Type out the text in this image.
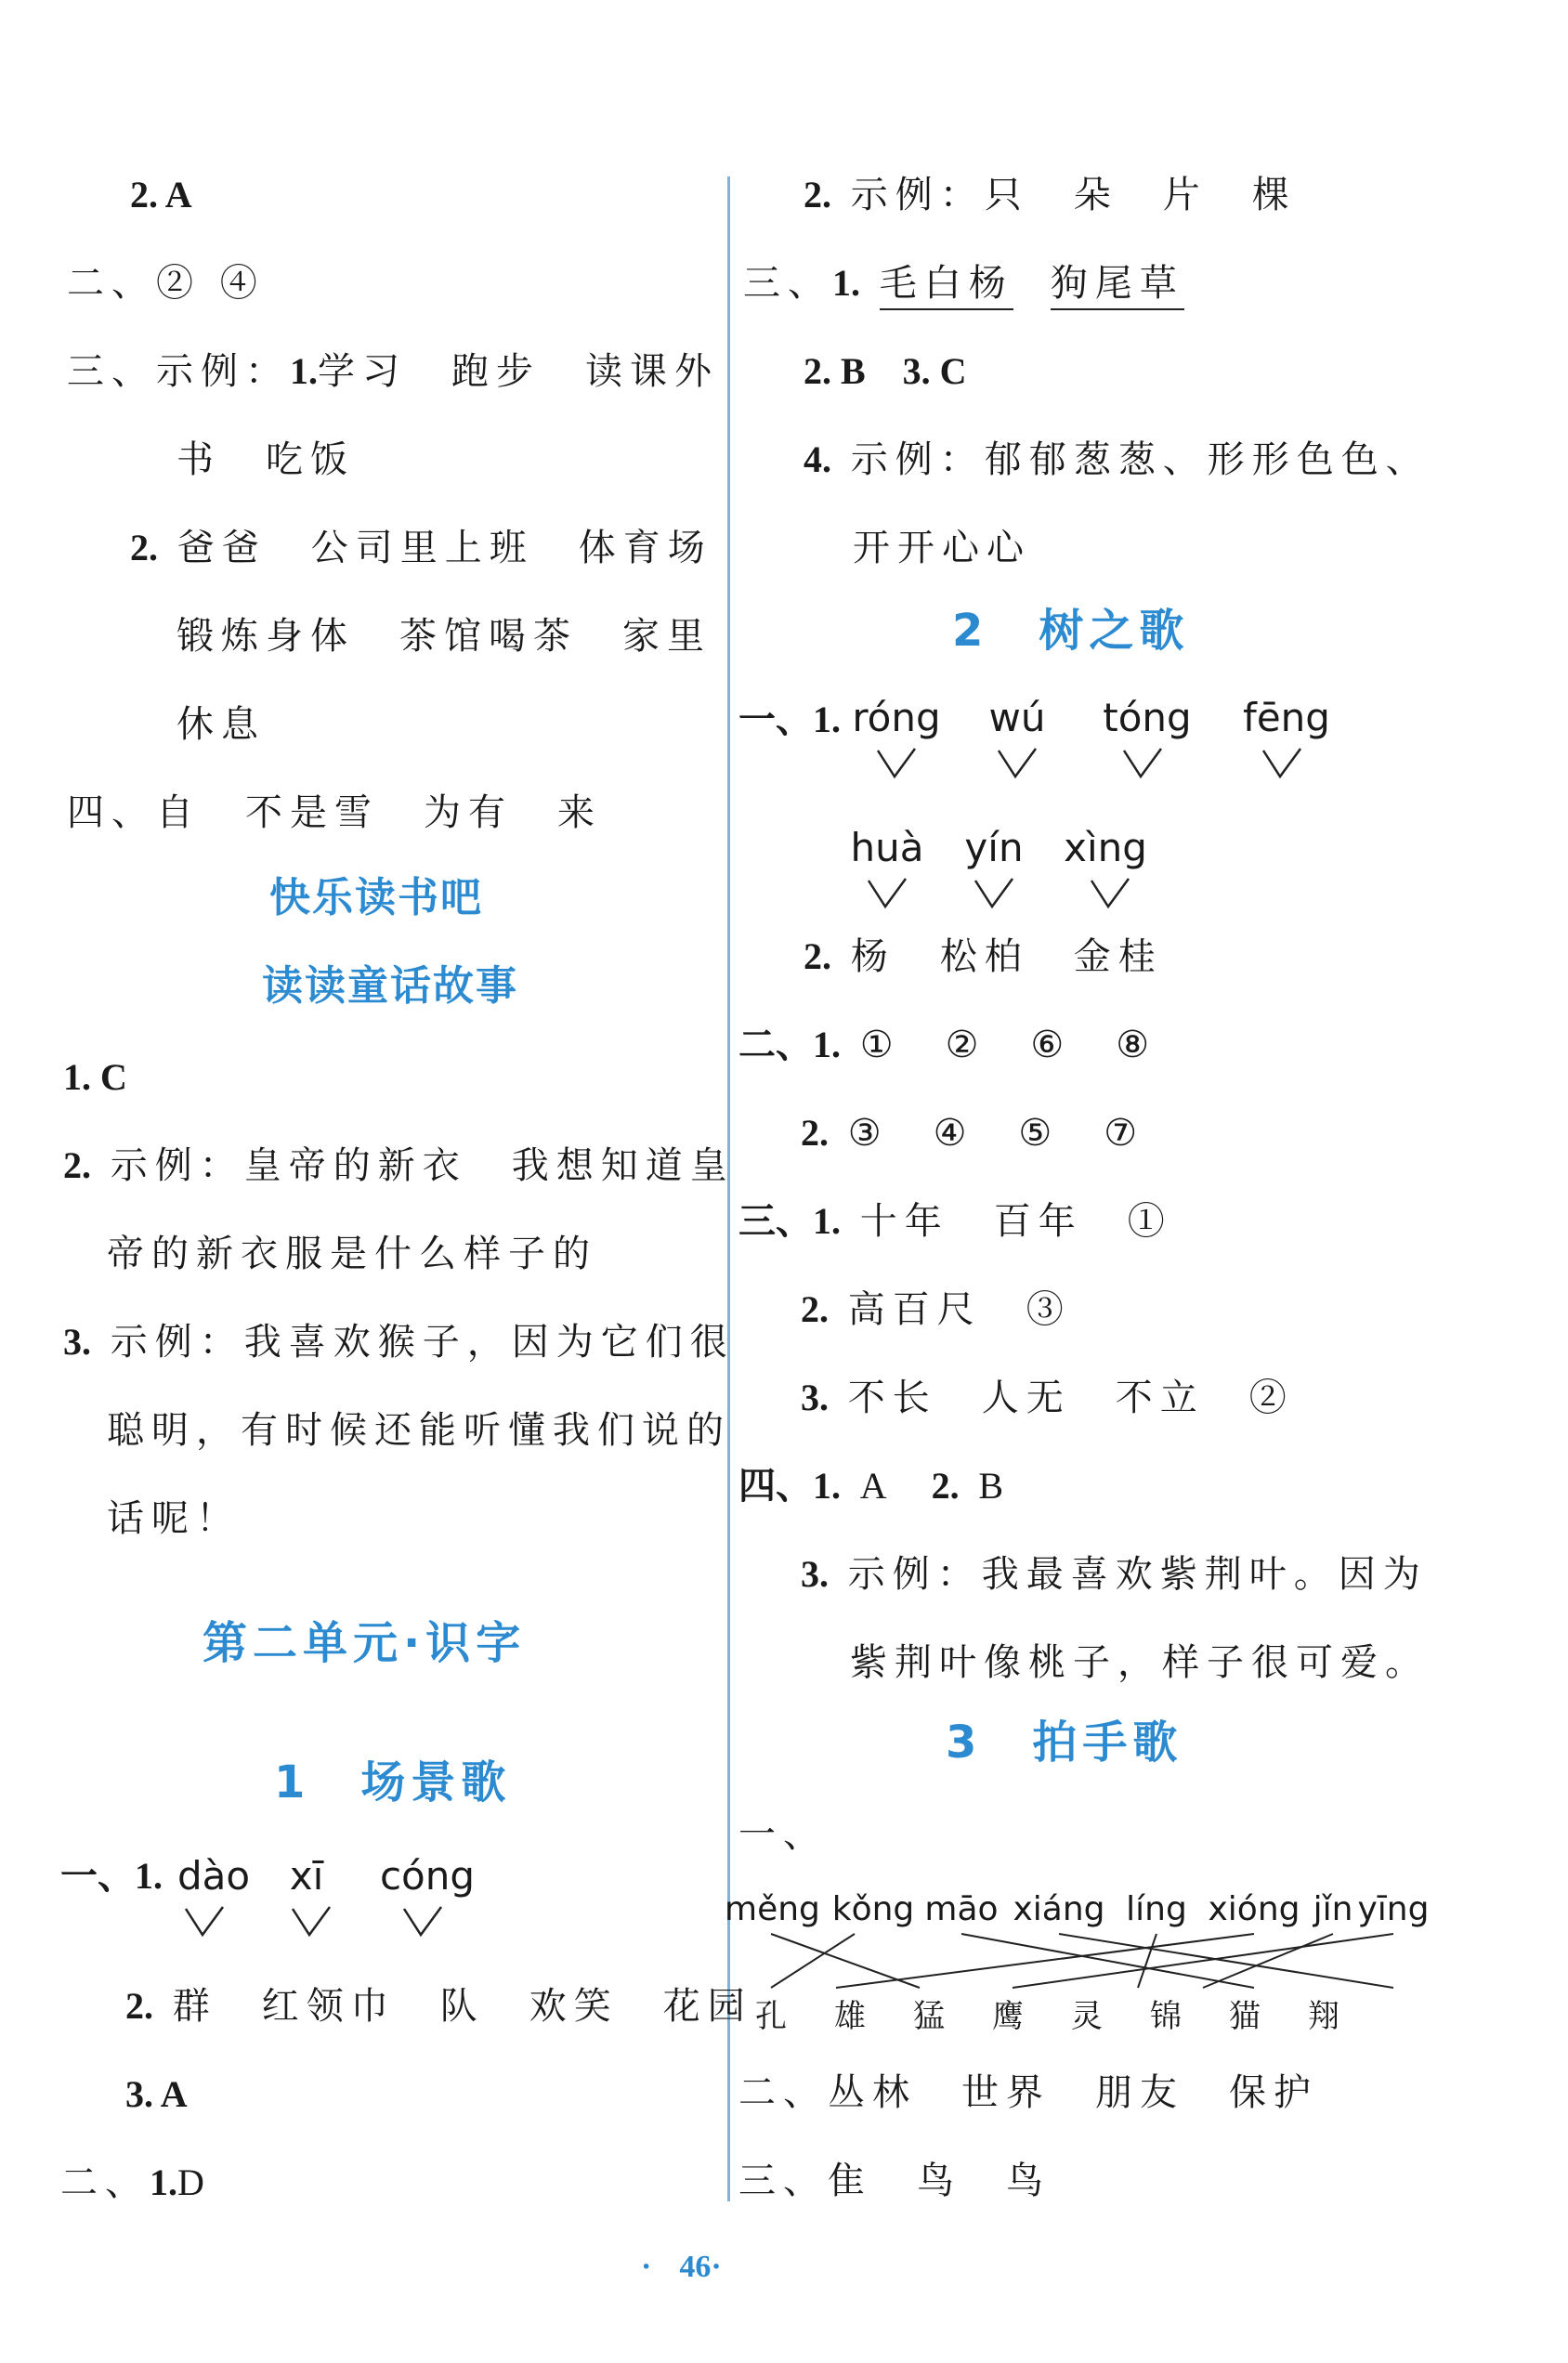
2. A
二、② ④
三、示例：1.学习　跑步　读课外
书　吃饭
2. 爸爸　公司里上班　体育场
锻炼身体　茶馆喝茶　家里
休息
四、自　不是雪　为有　来
快乐读书吧
读读童话故事
1. C
2. 示例：皇帝的新衣　我想知道皇
帝的新衣服是什么样子的
3. 示例：我喜欢猴子，因为它们很
聪明，有时候还能听懂我们说的
话呢！
第二单元·识字
1　场景歌
一、1. dào xī	cóng
2. 群　红领巾　队　欢笑　花园
3. A
二、1.D
2. 示例：只　朵　片　棵
三、1. 毛白杨 狗尾草
2. B　3. C
4. 示例：郁郁葱葱、形形色色、
开开心心
2　树之歌
一、1. róng wú tóng fēng
huà yín xìng
2. 杨　松柏　金桂
二、1. ①　②　⑥　⑧
2. ③　④　⑤　⑦
三、1. 十年　百年　①
2. 高百尺　③
3. 不长　人无　不立　②
四、1. A 2. B
3. 示例：我最喜欢紫荆叶。因为
紫荆叶像桃子，样子很可爱。
3　拍手歌
一、
měng kǒng māo xiáng líng xióng jǐn yīng
孔	雄	猛	鹰	灵	锦	猫	翔
二、丛林　世界　朋友　保护
三、隹　鸟　鸟
·46·
